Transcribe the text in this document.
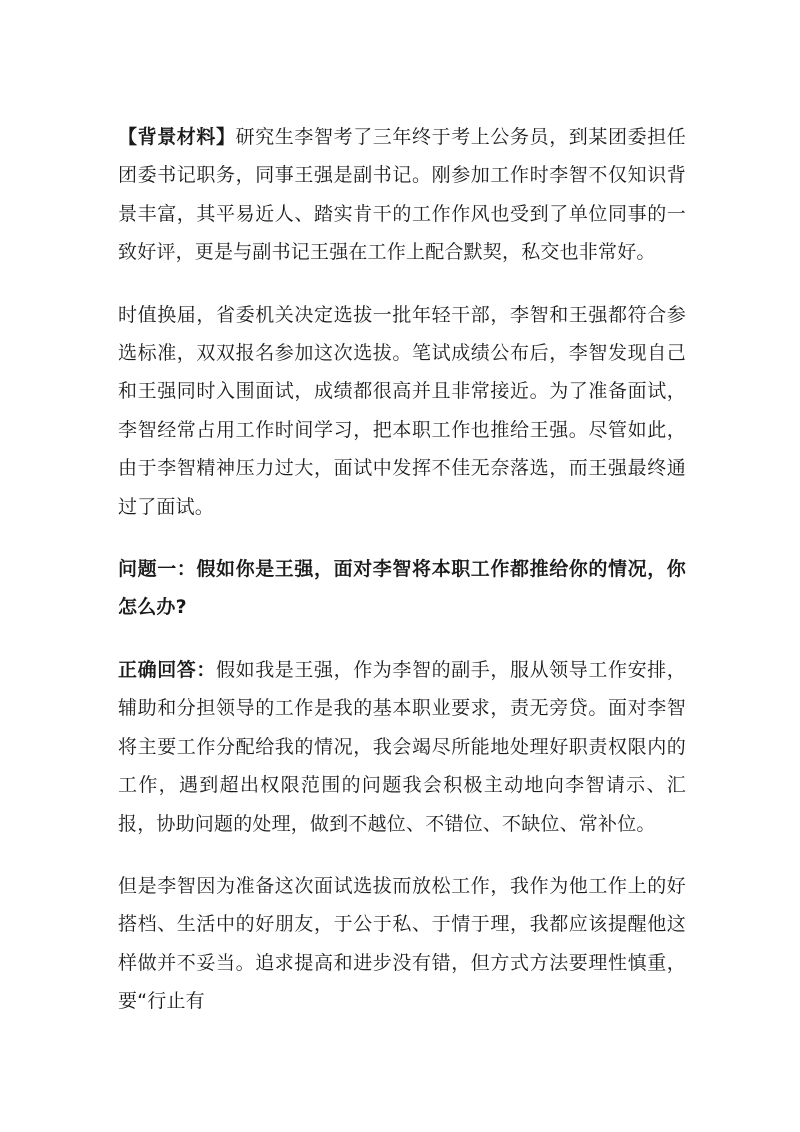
【背景材料】研究生李智考了三年终于考上公务员，到某团委担任团委书记职务，同事王强是副书记。刚参加工作时李智不仅知识背景丰富，其平易近人、踏实肯干的工作作风也受到了单位同事的一致好评，更是与副书记王强在工作上配合默契，私交也非常好。

时值换届，省委机关决定选拔一批年轻干部，李智和王强都符合参选标准，双双报名参加这次选拔。笔试成绩公布后，李智发现自己和王强同时入围面试，成绩都很高并且非常接近。为了准备面试，李智经常占用工作时间学习，把本职工作也推给王强。尽管如此，由于李智精神压力过大，面试中发挥不佳无奈落选，而王强最终通过了面试。

问题一：假如你是王强，面对李智将本职工作都推给你的情况，你怎么办?

正确回答：假如我是王强，作为李智的副手，服从领导工作安排，辅助和分担领导的工作是我的基本职业要求，责无旁贷。面对李智将主要工作分配给我的情况，我会竭尽所能地处理好职责权限内的工作，遇到超出权限范围的问题我会积极主动地向李智请示、汇报，协助问题的处理，做到不越位、不错位、不缺位、常补位。

但是李智因为准备这次面试选拔而放松工作，我作为他工作上的好搭档、生活中的好朋友，于公于私、于情于理，我都应该提醒他这样做并不妥当。追求提高和进步没有错，但方式方法要理性慎重，要“行止有
